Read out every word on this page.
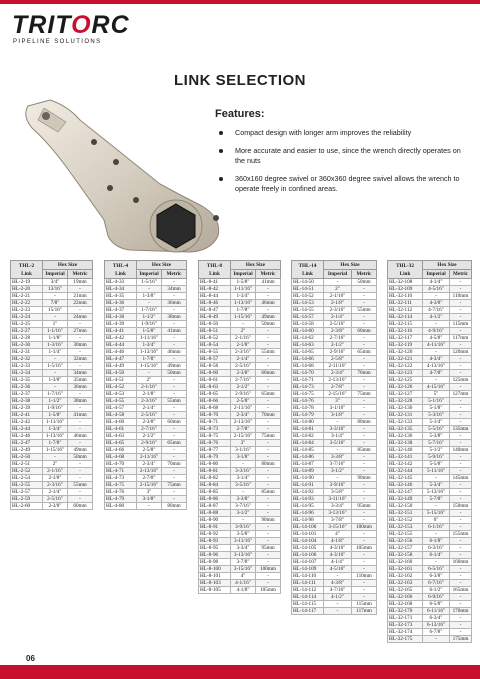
TRITORC
PIPELINE SOLUTIONS
LINK SELECTION
Features:
Compact design with longer arm improves the reliability
More accurate and easier to use, since the wrench directly operates on the nuts
360x160 degree swivel or 360x360 degree swivel allows the wrench to operate freely in confined areas.
THL-2
Link	Hex Size	
	Imperial	Metric
HL-2-19	3/4"	19mm
HL-2-20	13/16"	-
HL-2-21	-	21mm
HL-2-22	7/8"	22mm
HL-2-23	15/16"	-
HL-2-24	-	24mm
HL-2-25	1"	-
HL-2-27	1-1/16"	27mm
HL-2-28	1-1/8"	-
HL-2-30	1-3/16"	30mm
HL-2-31	1-1/4"	-
HL-2-32	-	32mm
HL-2-33	1-5/16"	-
HL-2-34	-	34mm
HL-2-35	1-3/8"	35mm
HL-2-36	-	36mm
HL-2-37	1-7/16"	-
HL-2-38	1-1/2"	38mm
HL-2-39	1-9/16"	-
HL-2-41	1-5/8"	41mm
HL-2-42	1-11/16"	-
HL-2-44	1-3/4"	-
HL-2-46	1-13/16"	46mm
HL-2-47	1-7/8"	-
HL-2-49	1-15/16"	49mm
HL-2-50	-	50mm
HL-2-51	2"	-
HL-2-52	2-1/16"	-
HL-2-54	2-1/8"	-
HL-2-55	2-3/16"	55mm
HL-2-57	2-1/4"	-
HL-2-59	2-5/16"	-
HL-2-60	2-3/8"	60mm
THL-4
Link	Hex Size	
	Imperial	Metric
HL-4-33	1-5/16"	-
HL-4-34	-	34mm
HL-4-35	1-3/8"	-
HL-4-36	-	36mm
HL-4-37	1-7/16"	-
HL-4-38	1-1/2"	38mm
HL-4-39	1-9/16"	-
HL-4-41	1-5/8"	41mm
HL-4-42	1-11/16"	-
HL-4-44	1-3/4"	-
HL-4-46	1-13/16"	46mm
HL-4-47	1-7/8"	-
HL-4-49	1-15/16"	49mm
HL-4-50	-	50mm
HL-4-51	2"	-
HL-4-52	2-1/16"	-
HL-4-53	2-1/8"	-
HL-4-55	2-3/16"	55mm
HL-4-57	2-1/4"	-
HL-4-58	2-5/16"	-
HL-4-60	2-3/8"	60mm
HL-4-61	2-7/16"	-
HL-4-63	2-1/2"	-
HL-4-65	2-9/16"	65mm
HL-4-66	2-5/8"	-
HL-4-68	2-11/16"	-
HL-4-70	2-3/4"	70mm
HL-4-71	2-13/16"	-
HL-4-73	2-7/8"	-
HL-4-75	2-15/16"	75mm
HL-4-76	3"	-
HL-4-79	3-1/8"	-
HL-4-80	-	80mm
THL-8
Link	Hex Size	
	Imperial	Metric
HL-8-41	1-5/8"	41mm
HL-8-42	1-11/16"	-
HL-8-44	1-3/4"	-
HL-8-46	1-13/16"	46mm
HL-8-47	1-7/8"	-
HL-8-49	1-15/16"	49mm
HL-8-50	-	50mm
HL-8-51	2"	-
HL-8-52	2-1/16"	-
HL-8-54	2-1/8"	-
HL-8-55	2-3/16"	55mm
HL-8-57	2-1/4"	-
HL-8-58	2-5/16"	-
HL-8-60	2-3/8"	60mm
HL-8-61	2-7/16"	-
HL-8-63	2-1/2"	-
HL-8-65	2-9/16"	65mm
HL-8-66	2-5/8"	-
HL-8-68	2-11/16"	-
HL-8-70	2-3/4"	70mm
HL-8-71	2-13/16"	-
HL-8-73	2-7/8"	-
HL-8-75	2-15/16"	75mm
HL-8-76	3"	-
HL-8-77	3-1/16"	-
HL-8-79	3-1/8"	-
HL-8-80	-	80mm
HL-8-81	3-3/16"	-
HL-8-82	3-1/4"	-
HL-8-84	3-5/16"	-
HL-8-85	-	85mm
HL-8-86	3-3/8"	-
HL-8-87	3-7/16"	-
HL-8-88	3-1/2"	-
HL-8-90	-	90mm
HL-8-91	3-9/16"	-
HL-8-92	3-5/8"	-
HL-8-93	3-11/16"	-
HL-8-95	3-3/4"	95mm
HL-8-96	3-13/16"	-
HL-8-98	3-7/8"	-
HL-8-100	3-15/16"	100mm
HL-8-101	4"	-
HL-8-103	4-1/16"	-
HL-8-105	4-1/8"	105mm
THL-14
Link	Hex Size	
	Imperial	Metric
HL-14-50	-	50mm
HL-14-51	2"	-
HL-14-52	2-1/16"	-
HL-14-53	2-1/8"	-
HL-14-55	2-3/16"	55mm
HL-14-57	2-1/4"	-
HL-14-58	2-5/16"	-
HL-14-60	2-3/8"	60mm
HL-14-62	2-7/16"	-
HL-14-63	2-1/2"	-
HL-14-65	2-9/16"	65mm
HL-14-66	2-5/8"	-
HL-14-68	2-11/16"	-
HL-14-70	2-3/4"	70mm
HL-14-71	2-13/16"	-
HL-14-73	2-7/8"	-
HL-14-75	2-15/16"	75mm
HL-14-76	3"	-
HL-14-78	3-1/16"	-
HL-14-79	3-1/8"	-
HL-14-80	-	80mm
HL-14-81	3-3/16"	-
HL-14-82	3-1/4"	-
HL-14-84	3-5/16"	-
HL-14-85	-	85mm
HL-14-86	3-3/8"	-
HL-14-87	3-7/16"	-
HL-14-89	3-1/2"	-
HL-14-90	-	90mm
HL-14-91	3-9/16"	-
HL-14-92	3-5/8"	-
HL-14-93	3-11/16"	-
HL-14-95	3-3/4"	95mm
HL-14-96	3-13/16"	-
HL-14-98	3-7/8"	-
HL-14-100	3-15/16"	100mm
HL-14-101	4"	-
HL-14-104	4-1/8"	-
HL-14-105	4-3/16"	105mm
HL-14-106	4-3/16"	-
HL-14-107	4-1/4"	-
HL-14-109	4-5/16"	-
HL-14-110	-	110mm
HL-14-111	4-3/8"	-
HL-14-112	4-7/16"	-
HL-14-114	4-1/2"	-
HL-14-115	-	115mm
HL-14-117	-	117mm
THL-32
Link	Hex Size	
	Imperial	Metric
HL-32-108	4-1/4"	-
HL-32-109	4-5/16"	-
HL-32-110	-	110mm
HL-32-111	4-3/8"	-
HL-32-112	4-7/16"	-
HL-32-114	4-1/2"	-
HL-32-115	-	115mm
HL-32-116	4-9/16"	-
HL-32-117	4-5/8"	117mm
HL-32-119	4-11/16"	-
HL-32-120	-	120mm
HL-32-121	4-3/4"	-
HL-32-122	4-13/16"	-
HL-32-123	4-7/8"	-
HL-32-125	-	125mm
HL-32-126	4-15/16"	-
HL-32-127	5"	127mm
HL-32-128	5-1/16"	-
HL-32-130	5-1/8"	-
HL-32-131	5-3/16"	-
HL-32-133	5-1/4"	-
HL-32-135	5-5/16"	135mm
HL-32-136	5-3/8"	-
HL-32-138	5-7/16"	-
HL-32-140	5-1/2"	140mm
HL-32-141	5-9/16"	-
HL-32-142	5-5/8"	-
HL-32-144	5-11/16"	-
HL-32-145	-	145mm
HL-32-146	5-3/4"	-
HL-32-147	5-13/16"	-
HL-32-149	5-7/8"	-
HL-32-150	-	150mm
HL-32-151	5-15/16"	-
HL-32-152	6"	-
HL-32-153	6-1/16"	-
HL-32-155	-	155mm
HL-32-156	6-1/8"	-
HL-32-157	6-3/16"	-
HL-32-158	6-1/4"	-
HL-32-160	-	160mm
HL-32-161	6-5/16"	-
HL-32-162	6-3/8"	-
HL-32-163	6-7/16"	-
HL-32-165	6-1/2"	165mm
HL-32-166	6-9/16"	-
HL-32-168	6-5/8"	-
HL-32-170	6-11/16"	170mm
HL-32-171	6-3/4"	-
HL-32-173	6-13/16"	-
HL-32-174	6-7/8"	-
HL-32-175	-	175mm
06
